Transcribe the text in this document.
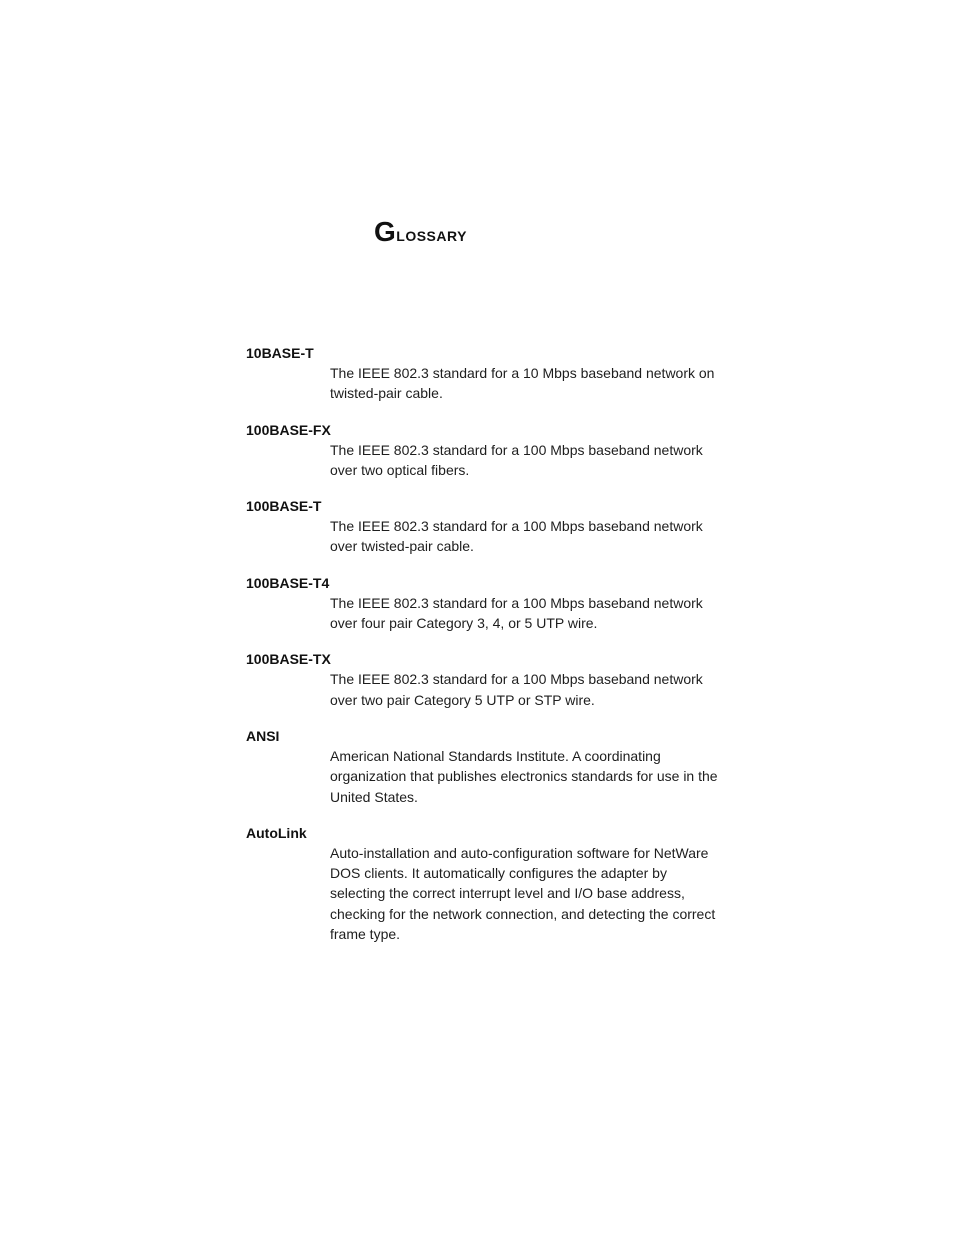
Glossary
10BASE-T
The IEEE 802.3 standard for a 10 Mbps baseband network on twisted-pair cable.
100BASE-FX
The IEEE 802.3 standard for a 100 Mbps baseband network over two optical fibers.
100BASE-T
The IEEE 802.3 standard for a 100 Mbps baseband network over twisted-pair cable.
100BASE-T4
The IEEE 802.3 standard for a 100 Mbps baseband network over four pair Category 3, 4, or 5 UTP wire.
100BASE-TX
The IEEE 802.3 standard for a 100 Mbps baseband network over two pair Category 5 UTP or STP wire.
ANSI
American National Standards Institute. A coordinating organization that publishes electronics standards for use in the United States.
AutoLink
Auto-installation and auto-configuration software for NetWare DOS clients. It automatically configures the adapter by selecting the correct interrupt level and I/O base address, checking for the network connection, and detecting the correct frame type.
